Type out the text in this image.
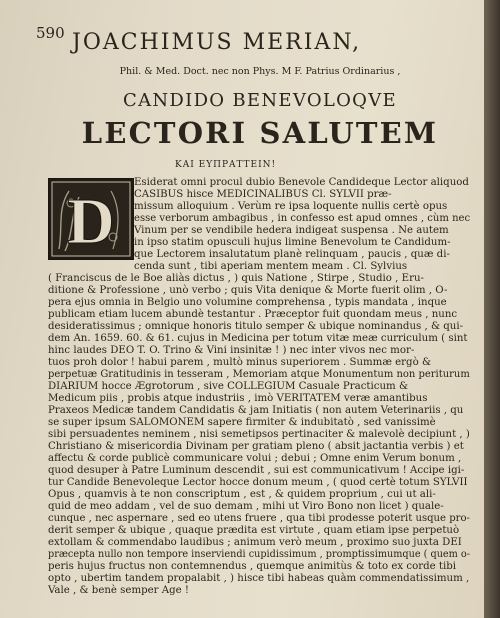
590 JOACHIMUS MERIAN,
Phil. & Med. Doct. nec non Phys. M F. Patrius Ordinarius ,
CANDIDO BENEVOLOQVE
LECTORI SALUTEM
ΚΑΙ ΕΥΠΡΑΤΤΕΙΝ!
D
Esiderat omni procul dubio Benevole Candideque Lector aliquod
CASIBUS hisce MEDICINALIBUS Cl. SYLVII præ-
missum alloquium . Verùm re ipsa loquente nullis certè opus
esse verborum ambagibus , in confesso est apud omnes , cùm nec
Vinum per se vendibile hedera indigeat suspensa . Ne autem
in ipso statim opusculi hujus limine Benevolum te Candidum-
que Lectorem insalutatum planè relinquam , paucis , quæ di-
cenda sunt , tibi aperiam mentem meam . Cl. Sylvius
( Franciscus de le Boe aliàs dictus , ) quis Natione , Stirpe , Studio , Eru-
ditione & Professione , unò verbo ; quis Vita denique & Morte fuerit olim , O-
pera ejus omnia in Belgio uno volumine comprehensa , typis mandata , inque
publicam etiam lucem abundè testantur . Præceptor fuit quondam meus , nunc
desideratissimus ; omnique honoris titulo semper & ubique nominandus , & qui-
dem An. 1659. 60. & 61. cujus in Medicina per totum vitæ meæ curriculum ( sint
hinc laudes DEO T. O. Trino & Vini insinitæ ! ) nec inter vivos nec mor-
tuos proh dolor ! habui parem , multò minus superiorem . Summæ ergò &
perpetuæ Gratitudinis in tesseram , Memoriam atque Monumentum non periturum
DIARIUM hocce Ægrotorum , sive COLLEGIUM Casuale Practicum &
Medicum piis , probis atque industriis , imò VERITATEM veræ amantibus
Praxeos Medicæ tandem Candidatis & jam Initiatis ( non autem Veterinariis , qu
se super ipsum SALOMONEM sapere firmiter & indubitatò , sed vanissimè
sibi persuadentes neminem , nisi semetipsos pertinaciter & malevolè decipiunt , )
Christiano & misericordia Divinam per gratiam pleno ( absit jactantia verbis ) et
affectu & corde publicè communicare volui ; debui ; Omne enim Verum bonum ,
quod desuper à Patre Luminum descendit , sui est communicativum ! Accipe igi-
tur Candide Benevoleque Lector hocce donum meum , ( quod certè totum SYLVII
Opus , quamvis à te non conscriptum , est , & quidem proprium , cui ut ali-
quid de meo addam , vel de suo demam , mihi ut Viro Bono non licet ) quale-
cunque , nec aspernare , sed eo utens fruere , qua tibi prodesse poterit usque pro-
derit semper & ubique , quaque prædita est virtute , quam etiam ipse perpetuò
extollam & commendabo laudibus ; animum verò meum , proximo suo juxta DEI
præcepta nullo non tempore inserviendi cupidissimum , promptissimumque ( quem o-
peris hujus fructus non contemnendus , quemque animitùs & toto ex corde tibi
opto , ubertim tandem propalabit , ) hisce tibi habeas quàm commendatissimum ,
Vale , & benè semper Age !
